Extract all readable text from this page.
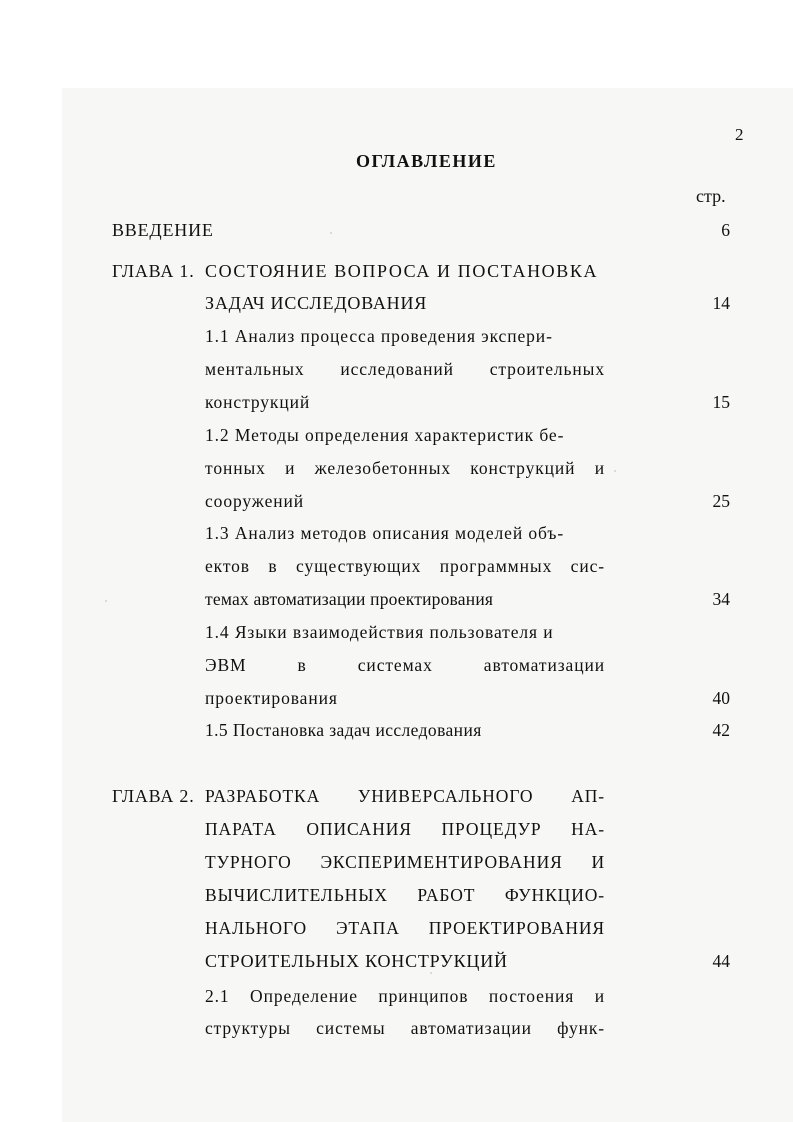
2
ОГЛАВЛЕНИЕ
стр.
ВВЕДЕНИЕ	6
ГЛАВА 1. СОСТОЯНИЕ ВОПРОСА И ПОСТАНОВКА
ЗАДАЧ ИССЛЕДОВАНИЯ	14
1.1 Анализ процесса проведения экспери-
ментальных исследований строительных
конструкций	15
1.2 Методы определения характеристик бе-
тонных и железобетонных конструкций и
сооружений	25
1.3 Анализ методов описания моделей объ-
ектов в существующих программных сис-
темах автоматизации проектирования	34
1.4 Языки взаимодействия пользователя и
ЭВМ в системах автоматизации
проектирования	40
1.5 Постановка задач исследования	42
ГЛАВА 2. РАЗРАБОТКА УНИВЕРСАЛЬНОГО АП-
ПАРАТА ОПИСАНИЯ ПРОЦЕДУР НА-
ТУРНОГО ЭКСПЕРИМЕНТИРОВАНИЯ И
ВЫЧИСЛИТЕЛЬНЫХ РАБОТ ФУНКЦИО-
НАЛЬНОГО ЭТАПА ПРОЕКТИРОВАНИЯ
СТРОИТЕЛЬНЫХ КОНСТРУКЦИЙ	44
2.1 Определение принципов постоения и
структуры системы автоматизации функ-
